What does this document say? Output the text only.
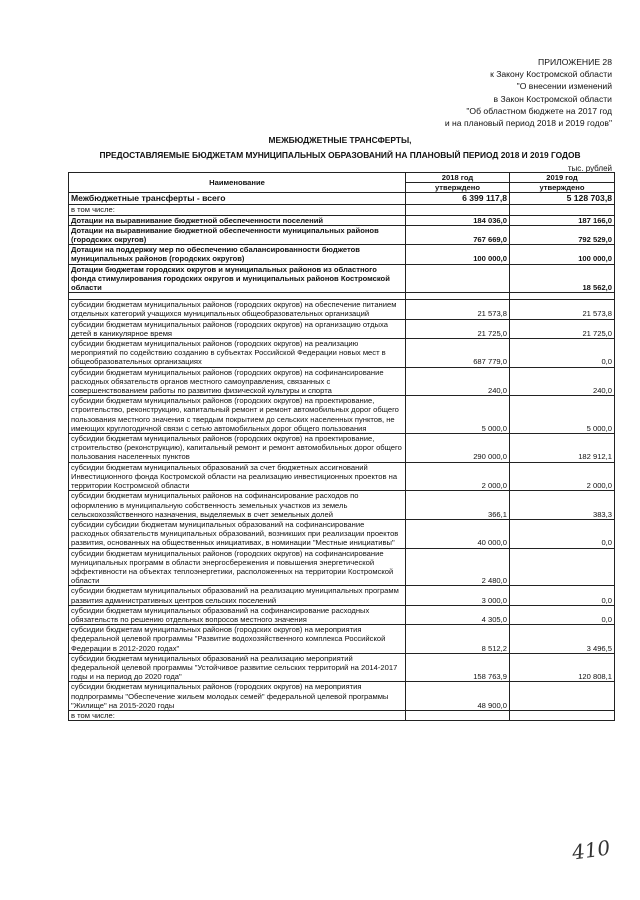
ПРИЛОЖЕНИЕ 28
к Закону Костромской области
"О внесении изменений
в Закон Костромской области
"Об областном бюджете на 2017 год
и на плановый период 2018 и 2019 годов"
МЕЖБЮДЖЕТНЫЕ ТРАНСФЕРТЫ,
ПРЕДОСТАВЛЯЕМЫЕ БЮДЖЕТАМ МУНИЦИПАЛЬНЫХ ОБРАЗОВАНИЙ НА ПЛАНОВЫЙ ПЕРИОД 2018 И 2019 ГОДОВ
тыс. рублей
Наименование	2018 год	2019 год
	утверждено	утверждено
Межбюджетные трансферты - всего	6 399 117,8	5 128 703,8
в том числе:		
Дотации на выравнивание бюджетной обеспеченности поселений	184 036,0	187 166,0
Дотации на выравнивание бюджетной обеспеченности муниципальных районов (городских округов)	767 669,0	792 529,0
Дотации на поддержку мер по обеспечению сбалансированности бюджетов муниципальных районов (городских округов)	100 000,0	100 000,0
Дотации бюджетам городских округов и муниципальных районов из областного фонда стимулирования городских округов и муниципальных районов Костромской области		18 562,0

субсидии бюджетам муниципальных районов (городских округов) на обеспечение питанием отдельных категорий учащихся муниципальных общеобразовательных организаций	21 573,8	21 573,8
субсидии бюджетам муниципальных районов (городских округов) на организацию отдыха детей в каникулярное время	21 725,0	21 725,0
субсидии бюджетам муниципальных районов (городских округов) на реализацию мероприятий по содействию созданию в субъектах Российской Федерации новых мест в общеобразовательных организациях	687 779,0	0,0
субсидии бюджетам муниципальных районов (городских округов) на софинансирование расходных обязательств органов местного самоуправления, связанных с совершенствованием работы по развитию физической культуры и спорта	240,0	240,0
субсидии бюджетам муниципальных районов (городских округов) на проектирование, строительство, реконструкцию, капитальный ремонт и ремонт автомобильных дорог общего пользования местного значения с твердым покрытием до сельских населенных пунктов, не имеющих круглогодичной связи с сетью автомобильных дорог общего пользования	5 000,0	5 000,0
субсидии бюджетам муниципальных районов (городских округов) на проектирование, строительство (реконструкцию), капитальный ремонт и ремонт автомобильных дорог общего пользования населенных пунктов	290 000,0	182 912,1
субсидии бюджетам муниципальных образований за счет бюджетных ассигнований Инвестиционного фонда Костромской области на реализацию инвестиционных проектов на территории Костромской области	2 000,0	2 000,0
субсидии бюджетам муниципальных районов на софинансирование расходов по оформлению в муниципальную собственность земельных участков из земель сельскохозяйственного назначения, выделяемых в счет земельных долей	366,1	383,3
субсидии субсидии бюджетам муниципальных образований на софинансирование расходных обязательств муниципальных образований, возникших при реализации проектов развития, основанных на общественных инициативах, в номинации "Местные инициативы"	40 000,0	0,0
субсидии бюджетам муниципальных районов (городских округов) на софинансирование муниципальных программ в области энергосбережения и повышения энергетической эффективности на объектах теплоэнергетики, расположенных на территории Костромской области	2 480,0	
субсидии бюджетам муниципальных образований на реализацию муниципальных программ развития административных центров сельских поселений	3 000,0	0,0
субсидии бюджетам муниципальных образований на софинансирование расходных обязательств по решению отдельных вопросов местного значения	4 305,0	0,0
субсидии бюджетам муниципальных районов (городских округов) на мероприятия федеральной целевой программы "Развитие водохозяйственного комплекса Российской Федерации в 2012-2020 годах"	8 512,2	3 496,5
субсидии бюджетам муниципальных образований на реализацию мероприятий федеральной целевой программы "Устойчивое развитие сельских территорий на 2014-2017 годы и на период до 2020 года"	158 763,9	120 808,1
субсидии бюджетам муниципальных районов (городских округов) на мероприятия подпрограммы "Обеспечение жильем молодых семей" федеральной целевой программы "Жилище" на 2015-2020 годы	48 900,0	
в том числе:		
410
